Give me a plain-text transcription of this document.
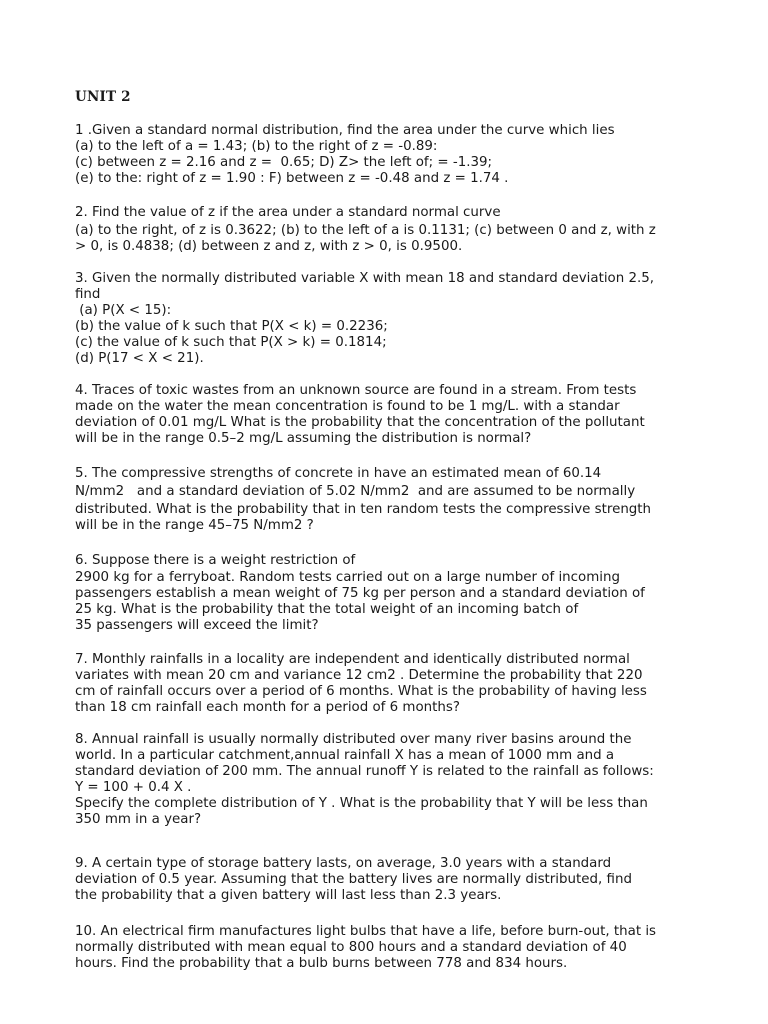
UNIT 2
1 .Given a standard normal distribution, find the area under the curve which lies
(a) to the left of a = 1.43; (b) to the right of z = -0.89:
(c) between z = 2.16 and z =  0.65; D) Z> the left of; = -1.39;
(e) to the: right of z = 1.90 : F) between z = -0.48 and z = 1.74 .
2. Find the value of z if the area under a standard normal curve
(a) to the right, of z is 0.3622; (b) to the left of a is 0.1131; (c) between 0 and z, with z
> 0, is 0.4838; (d) between z and z, with z > 0, is 0.9500.
3. Given the normally distributed variable X with mean 18 and standard deviation 2.5,
find
(a) P(X < 15):
(b) the value of k such that P(X < k) = 0.2236;
(c) the value of k such that P(X > k) = 0.1814;
(d) P(17 < X < 21).
4. Traces of toxic wastes from an unknown source are found in a stream. From tests
made on the water the mean concentration is found to be 1 mg/L. with a standar
deviation of 0.01 mg/L What is the probability that the concentration of the pollutant
will be in the range 0.5–2 mg/L assuming the distribution is normal?
5. The compressive strengths of concrete in have an estimated mean of 60.14
N/mm2   and a standard deviation of 5.02 N/mm2  and are assumed to be normally
distributed. What is the probability that in ten random tests the compressive strength
will be in the range 45–75 N/mm2 ?
6. Suppose there is a weight restriction of
2900 kg for a ferryboat. Random tests carried out on a large number of incoming
passengers establish a mean weight of 75 kg per person and a standard deviation of
25 kg. What is the probability that the total weight of an incoming batch of
35 passengers will exceed the limit?
7. Monthly rainfalls in a locality are independent and identically distributed normal
variates with mean 20 cm and variance 12 cm2 . Determine the probability that 220
cm of rainfall occurs over a period of 6 months. What is the probability of having less
than 18 cm rainfall each month for a period of 6 months?
8. Annual rainfall is usually normally distributed over many river basins around the
world. In a particular catchment,annual rainfall X has a mean of 1000 mm and a
standard deviation of 200 mm. The annual runoff Y is related to the rainfall as follows:
Y = 100 + 0.4 X .
Specify the complete distribution of Y . What is the probability that Y will be less than
350 mm in a year?
9. A certain type of storage battery lasts, on average, 3.0 years with a standard
deviation of 0.5 year. Assuming that the battery lives are normally distributed, find
the probability that a given battery will last less than 2.3 years.
10. An electrical firm manufactures light bulbs that have a life, before burn-out, that is
normally distributed with mean equal to 800 hours and a standard deviation of 40
hours. Find the probability that a bulb burns between 778 and 834 hours.
